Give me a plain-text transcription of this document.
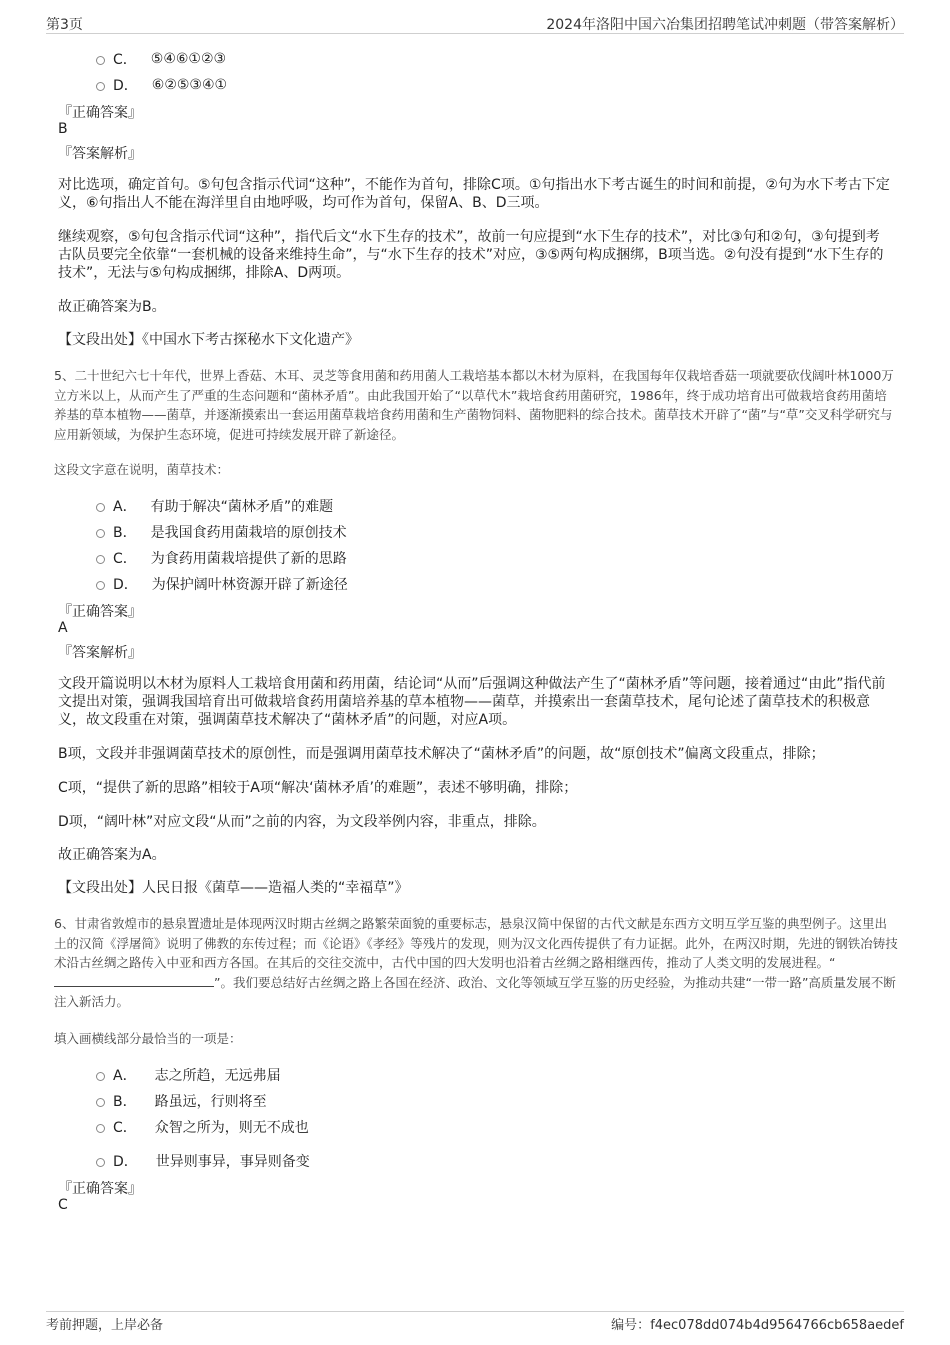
第3页	2024年洛阳中国六冶集团招聘笔试冲刺题（带答案解析）
C． ⑤④⑥①②③
D． ⑥②⑤③④①
『正确答案』
B
『答案解析』

对比选项，确定首句。⑤句包含指示代词“这种”，不能作为首句，排除C项。①句指出水下考古诞生的时间和前提，②句为水下考古下定义，⑥句指出人不能在海洋里自由地呼吸，均可作为首句，保留A、B、D三项。

继续观察，⑤句包含指示代词“这种”，指代后文“水下生存的技术”，故前一句应提到“水下生存的技术”，对比③句和②句，③句提到考古队员要完全依靠“一套机械的设备来维持生命”，与“水下生存的技术”对应，③⑤两句构成捆绑，B项当选。②句没有提到“水下生存的技术”，无法与⑤句构成捆绑，排除A、D两项。

故正确答案为B。

【文段出处】《中国水下考古探秘水下文化遗产》

5、二十世纪六七十年代，世界上香菇、木耳、灵芝等食用菌和药用菌人工栽培基本都以木材为原料，在我国每年仅栽培香菇一项就要砍伐阔叶林1000万立方米以上，从而产生了严重的生态问题和“菌林矛盾”。由此我国开始了“以草代木”栽培食药用菌研究，1986年，终于成功培育出可做栽培食药用菌培养基的草本植物——菌草，并逐渐摸索出一套运用菌草栽培食药用菌和生产菌物饲料、菌物肥料的综合技术。菌草技术开辟了“菌”与“草”交叉科学研究与应用新领域，为保护生态环境，促进可持续发展开辟了新途径。

这段文字意在说明，菌草技术：
A． 有助于解决“菌林矛盾”的难题
B． 是我国食药用菌栽培的原创技术
C． 为食药用菌栽培提供了新的思路
D． 为保护阔叶林资源开辟了新途径
『正确答案』
A
『答案解析』

文段开篇说明以木材为原料人工栽培食用菌和药用菌，结论词“从而”后强调这种做法产生了“菌林矛盾”等问题，接着通过“由此”指代前文提出对策，强调我国培育出可做栽培食药用菌培养基的草本植物——菌草，并摸索出一套菌草技术，尾句论述了菌草技术的积极意义，故文段重在对策，强调菌草技术解决了“菌林矛盾”的问题，对应A项。

B项，文段并非强调菌草技术的原创性，而是强调用菌草技术解决了“菌林矛盾”的问题，故“原创技术”偏离文段重点，排除；

C项，“提供了新的思路”相较于A项“解决‘菌林矛盾’的难题”，表述不够明确，排除；

D项，“阔叶林”对应文段“从而”之前的内容，为文段举例内容，非重点，排除。

故正确答案为A。

【文段出处】人民日报《菌草——造福人类的“幸福草”》

6、甘肃省敦煌市的悬泉置遗址是体现两汉时期古丝绸之路繁荣面貌的重要标志，悬泉汉简中保留的古代文献是东西方文明互学互鉴的典型例子。这里出土的汉简《浮屠简》说明了佛教的东传过程；而《论语》《孝经》等残片的发现，则为汉文化西传提供了有力证据。此外，在两汉时期，先进的钢铁冶铸技术沿古丝绸之路传入中亚和西方各国。在其后的交往交流中，古代中国的四大发明也沿着古丝绸之路相继西传，推动了人类文明的发展进程。“”。我们要总结好古丝绸之路上各国在经济、政治、文化等领域互学互鉴的历史经验，为推动共建“一带一路”高质量发展不断注入新活力。

填入画横线部分最恰当的一项是：
A． 志之所趋，无远弗届
B． 路虽远，行则将至
C． 众智之所为，则无不成也
D． 世异则事异，事异则备变
『正确答案』
C
考前押题，上岸必备	编号：f4ec078dd074b4d9564766cb658aedef
